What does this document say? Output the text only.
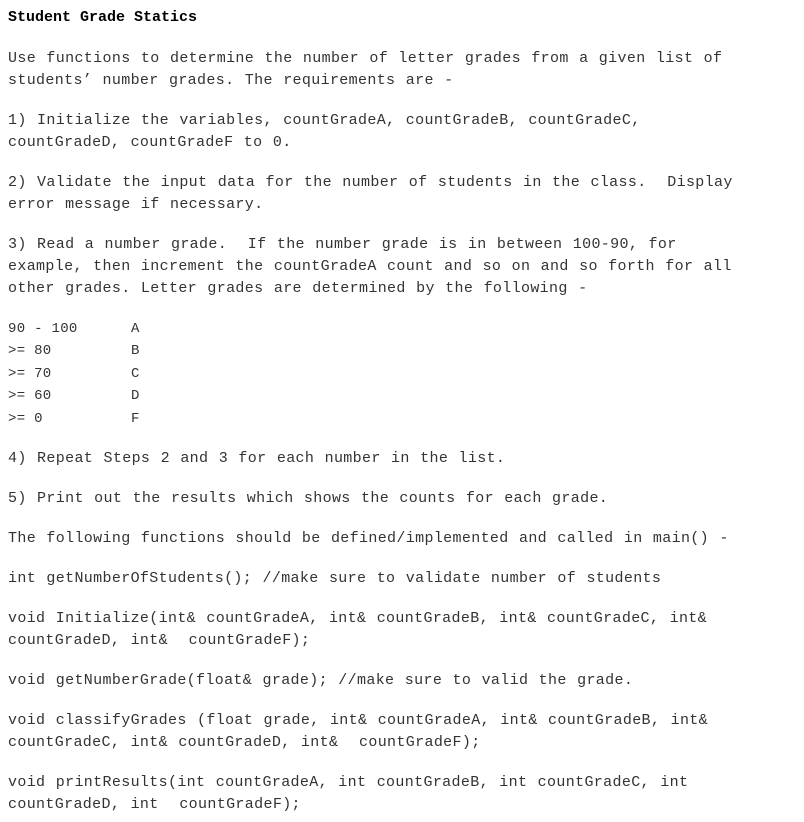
Student Grade Statics

Use functions to determine the number of letter grades from a given list of
students’ number grades. The requirements are -

1) Initialize the variables, countGradeA, countGradeB, countGradeC,
countGradeD, countGradeF to 0.

2) Validate the input data for the number of students in the class.  Display
error message if necessary.

3) Read a number grade.  If the number grade is in between 100-90, for
example, then increment the countGradeA count and so on and so forth for all
other grades. Letter grades are determined by the following -

90 - 100	A
>= 80	B
>= 70	C
>= 60	D
>= 0	F

4) Repeat Steps 2 and 3 for each number in the list.

5) Print out the results which shows the counts for each grade.

The following functions should be defined/implemented and called in main() -

int getNumberOfStudents(); //make sure to validate number of students

void Initialize(int& countGradeA, int& countGradeB, int& countGradeC, int&
countGradeD, int&  countGradeF);

void getNumberGrade(float& grade); //make sure to valid the grade.

void classifyGrades (float grade, int& countGradeA, int& countGradeB, int&
countGradeC, int& countGradeD, int&  countGradeF);

void printResults(int countGradeA, int countGradeB, int countGradeC, int
countGradeD, int  countGradeF);
